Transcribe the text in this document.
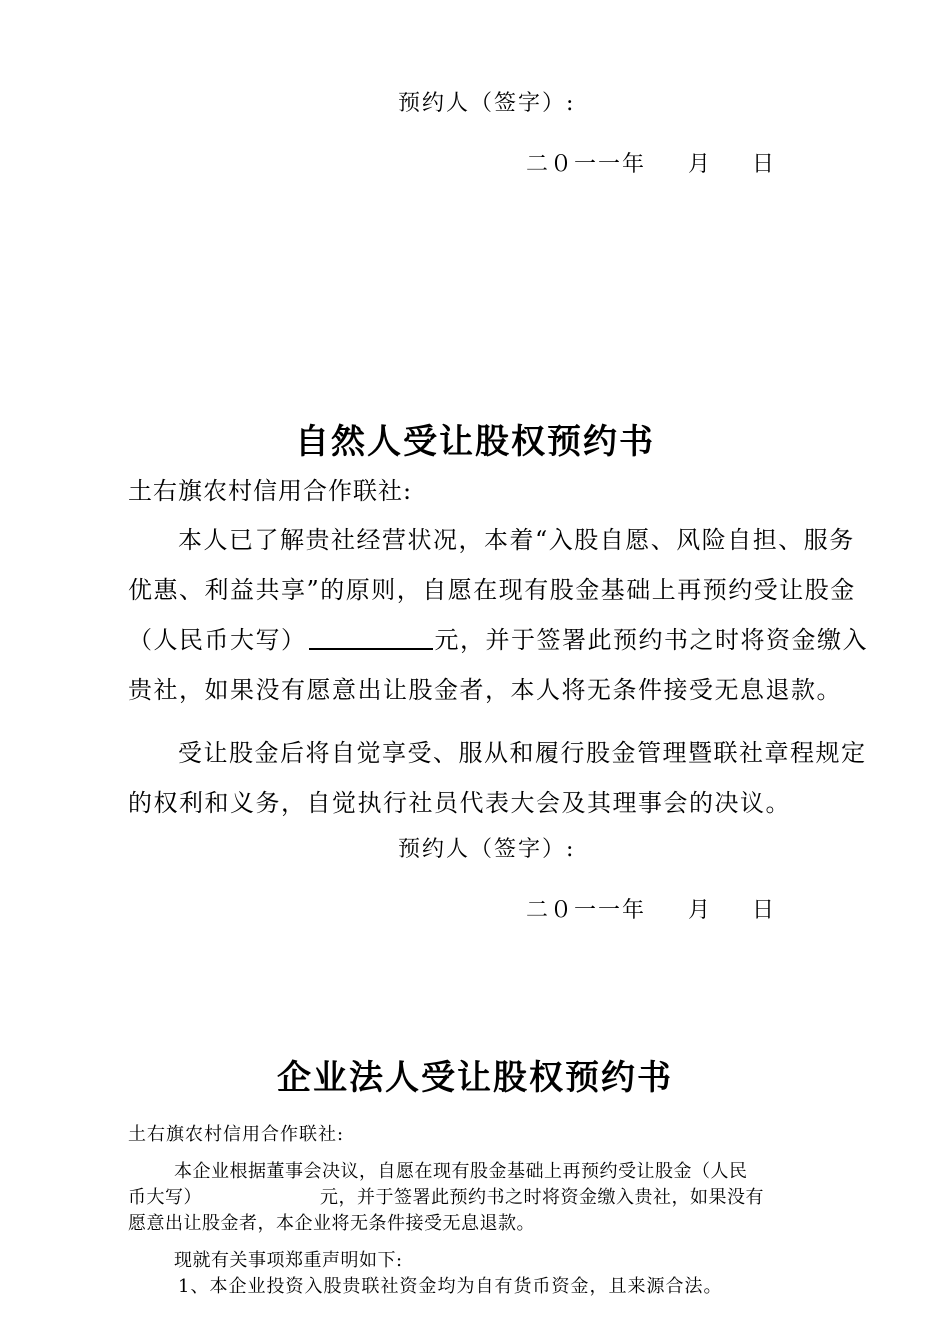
预约人（签字）:
二０一一年 月 日
自然人受让股权预约书
土右旗农村信用合作联社:
本人已了解贵社经营状况，本着“入股自愿、风险自担、服务
优惠、利益共享”的原则，自愿在现有股金基础上再预约受让股金
（人民币大写）	元，并于签署此预约书之时将资金缴入
贵社，如果没有愿意出让股金者，本人将无条件接受无息退款。
受让股金后将自觉享受、服从和履行股金管理暨联社章程规定
的权利和义务，自觉执行社员代表大会及其理事会的决议。
预约人（签字）:
二０一一年 月 日
企业法人受让股权预约书
土右旗农村信用合作联社:
本企业根据董事会决议，自愿在现有股金基础上再预约受让股金（人民
币大写）	元，并于签署此预约书之时将资金缴入贵社，如果没有
愿意出让股金者，本企业将无条件接受无息退款。
现就有关事项郑重声明如下:
1、本企业投资入股贵联社资金均为自有货币资金，且来源合法。
